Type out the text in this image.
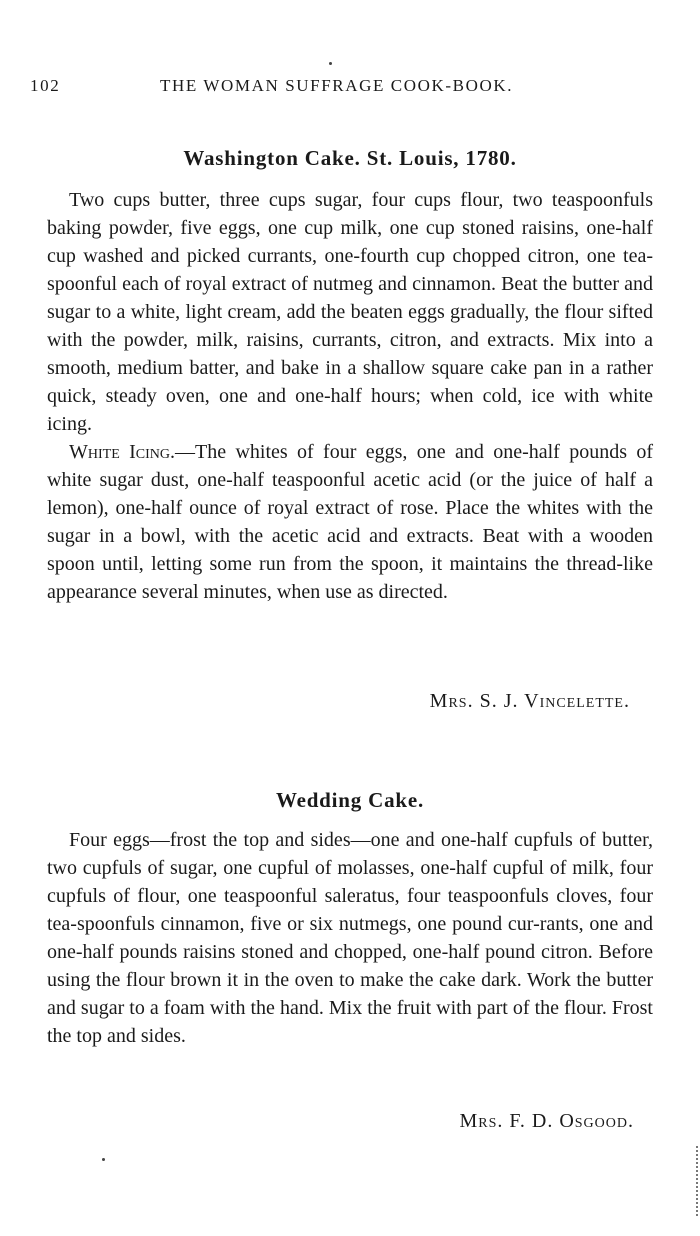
102	THE WOMAN SUFFRAGE COOK-BOOK.
Washington Cake. St. Louis, 1780.

Two cups butter, three cups sugar, four cups flour, two teaspoonfuls baking powder, five eggs, one cup milk, one cup stoned raisins, one-half cup washed and picked currants, one-fourth cup chopped citron, one tea-spoonful each of royal extract of nutmeg and cinnamon. Beat the butter and sugar to a white, light cream, add the beaten eggs gradually, the flour sifted with the powder, milk, raisins, currants, citron, and extracts. Mix into a smooth, medium batter, and bake in a shallow square cake pan in a rather quick, steady oven, one and one-half hours; when cold, ice with white icing.

White Icing.—The whites of four eggs, one and one-half pounds of white sugar dust, one-half teaspoonful acetic acid (or the juice of half a lemon), one-half ounce of royal extract of rose. Place the whites with the sugar in a bowl, with the acetic acid and extracts. Beat with a wooden spoon until, letting some run from the spoon, it maintains the thread-like appearance several minutes, when use as directed.

Mrs. S. J. Vincelette.
Wedding Cake.

Four eggs—frost the top and sides—one and one-half cupfuls of butter, two cupfuls of sugar, one cupful of molasses, one-half cupful of milk, four cupfuls of flour, one teaspoonful saleratus, four teaspoonfuls cloves, four tea-spoonfuls cinnamon, five or six nutmegs, one pound cur-rants, one and one-half pounds raisins stoned and chopped, one-half pound citron. Before using the flour brown it in the oven to make the cake dark. Work the butter and sugar to a foam with the hand. Mix the fruit with part of the flour. Frost the top and sides.

Mrs. F. D. Osgood.
